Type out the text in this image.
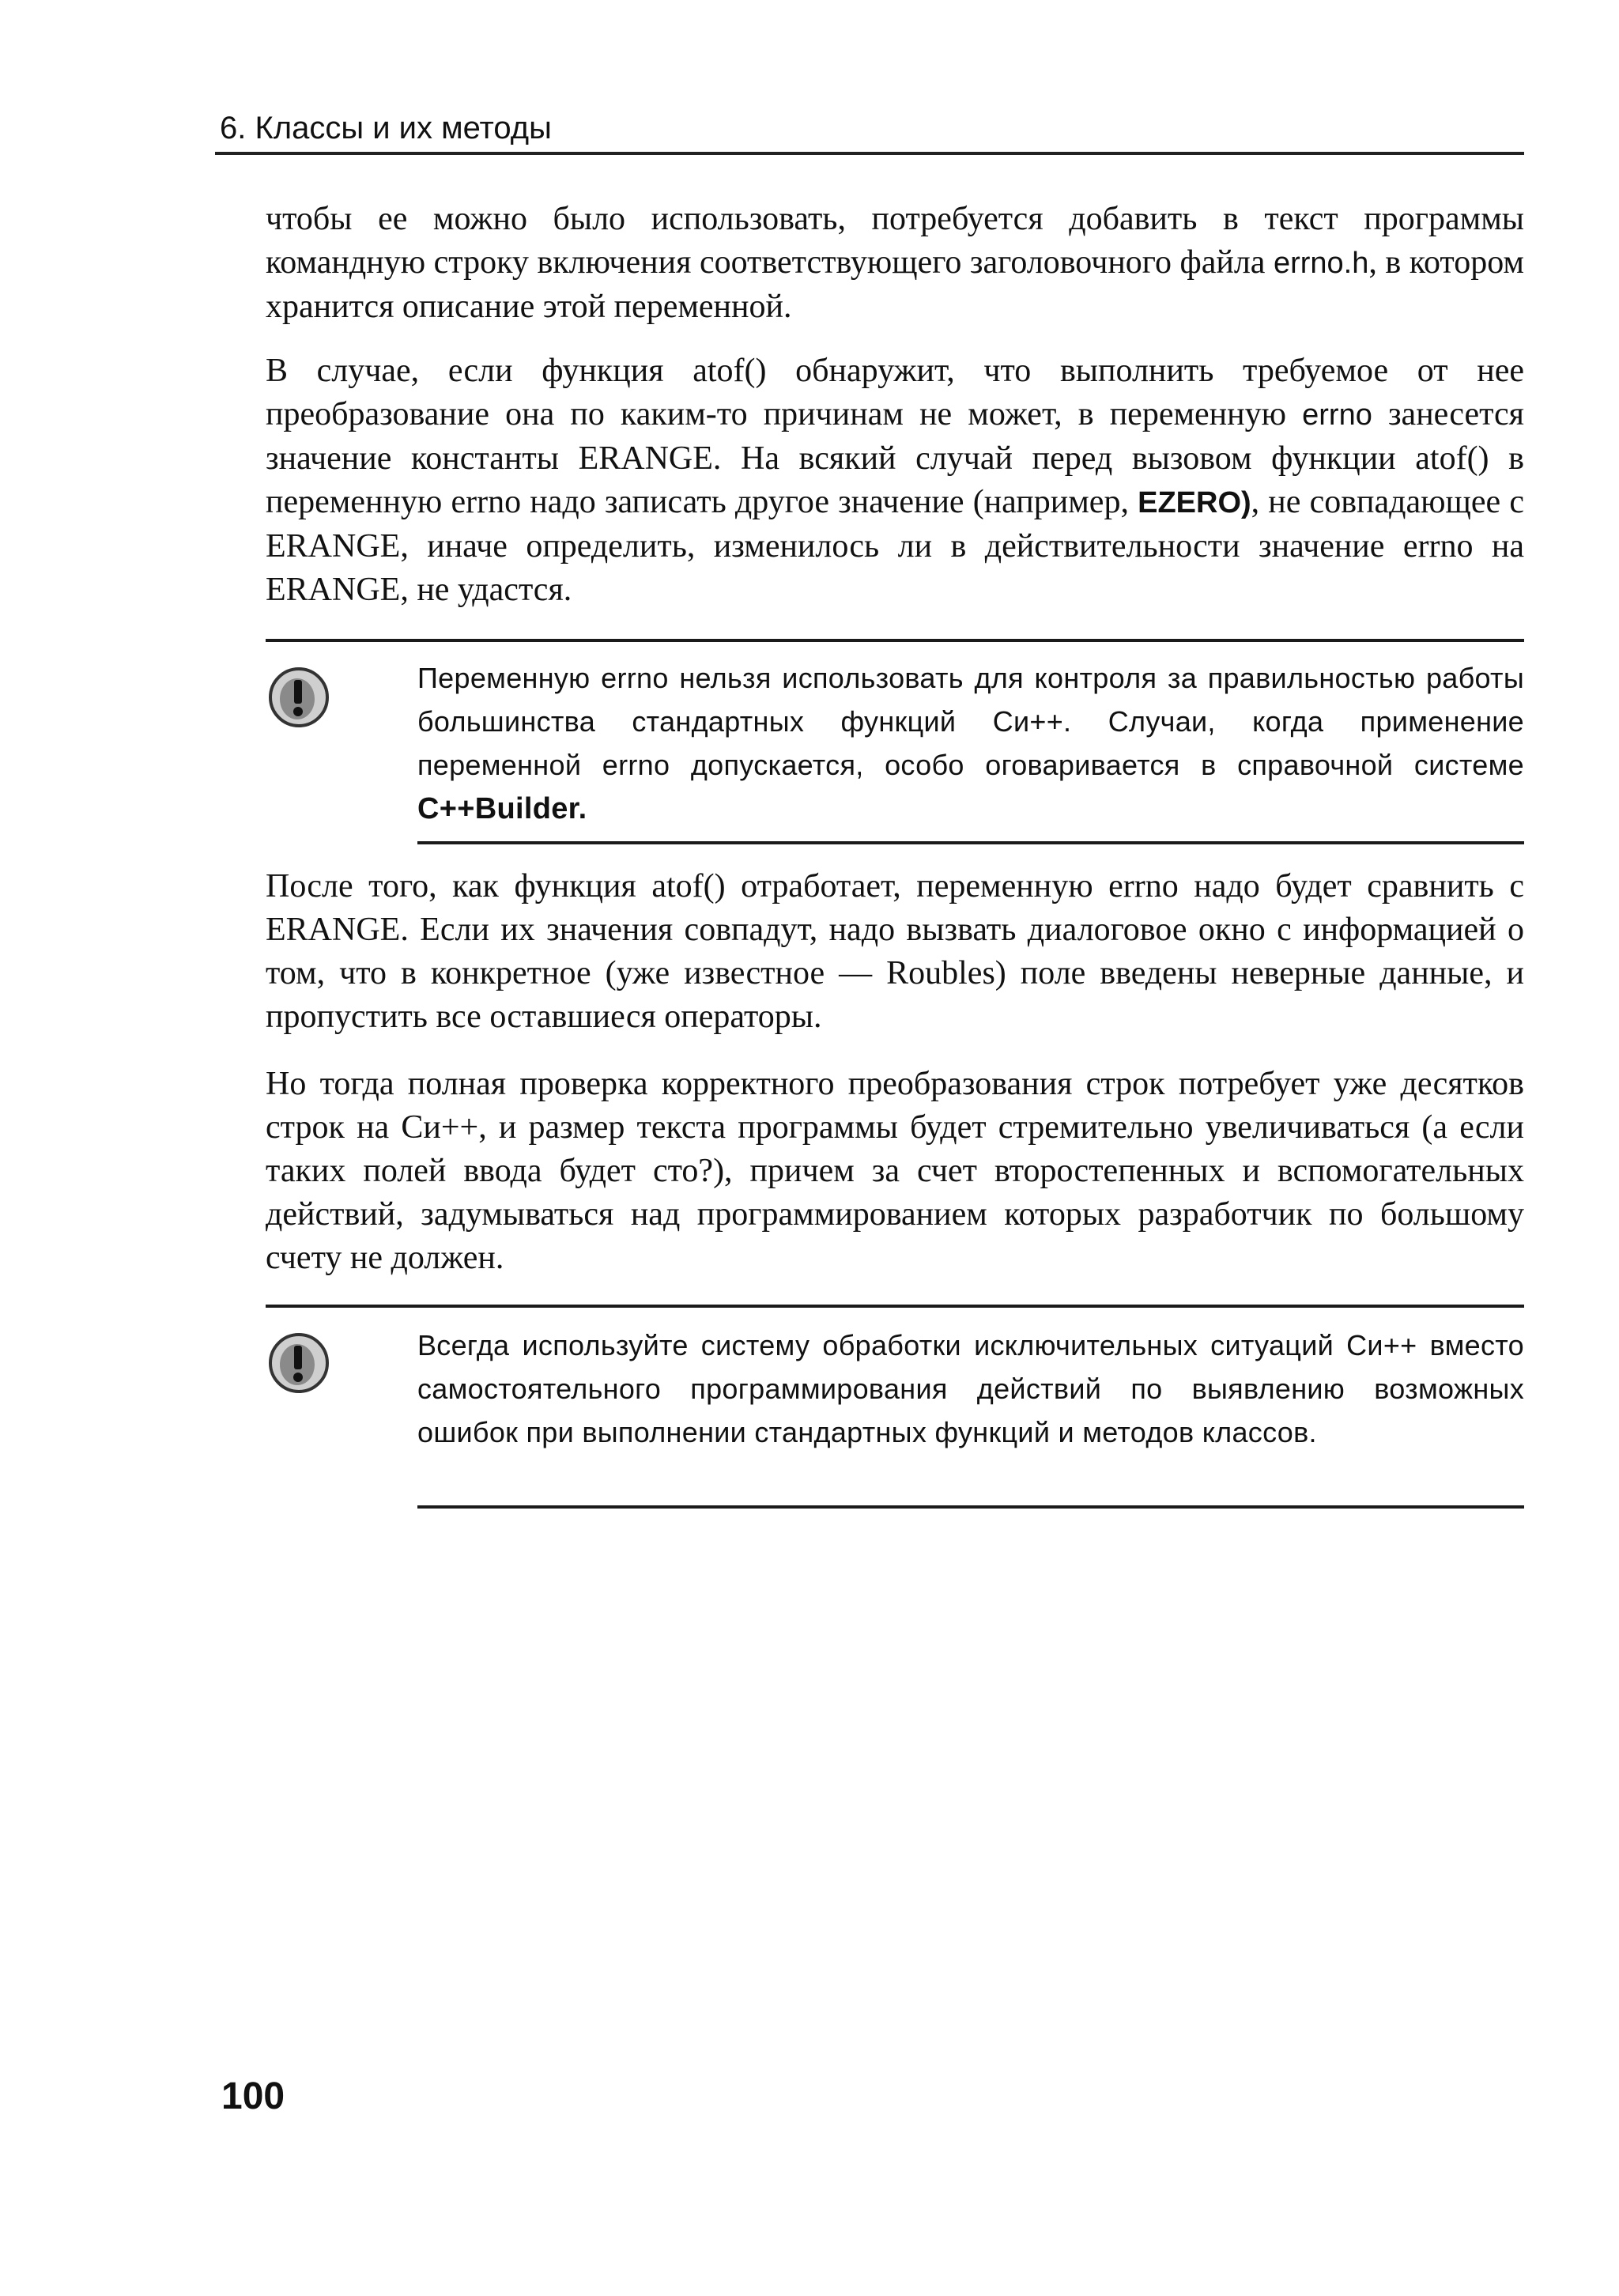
6. Классы и их методы

чтобы ее можно было использовать, потребуется добавить в текст программы командную строку включения соответствующего заголовочного файла errno.h, в котором хранится описание этой переменной.

В случае, если функция atof() обнаружит, что выполнить требуемое от нее преобразование она по каким-то причинам не может, в переменную errno занесется значение константы ERANGE. На всякий случай перед вызовом функции atof() в переменную errno надо записать другое значение (например, EZERO), не совпадающее с ERANGE, иначе определить, изменилось ли в действительности значение errno на ERANGE, не удастся.

Переменную errno нельзя использовать для контроля за правильностью работы большинства стандартных функций Си++. Случаи, когда применение переменной errno допускается, особо оговаривается в справочной системе C++Builder.

После того, как функция atof() отработает, переменную errno надо будет сравнить с ERANGE. Если их значения совпадут, надо вызвать диалоговое окно с информацией о том, что в конкретное (уже известное — Roubles) поле введены неверные данные, и пропустить все оставшиеся операторы.

Но тогда полная проверка корректного преобразования строк потребует уже десятков строк на Си++, и размер текста программы будет стремительно увеличиваться (а если таких полей ввода будет сто?), причем за счет второстепенных и вспомогательных действий, задумываться над программированием которых разработчик по большому счету не должен.

Всегда используйте систему обработки исключительных ситуаций Си++ вместо самостоятельного программирования действий по выявлению возможных ошибок при выполнении стандартных функций и методов классов.

100
